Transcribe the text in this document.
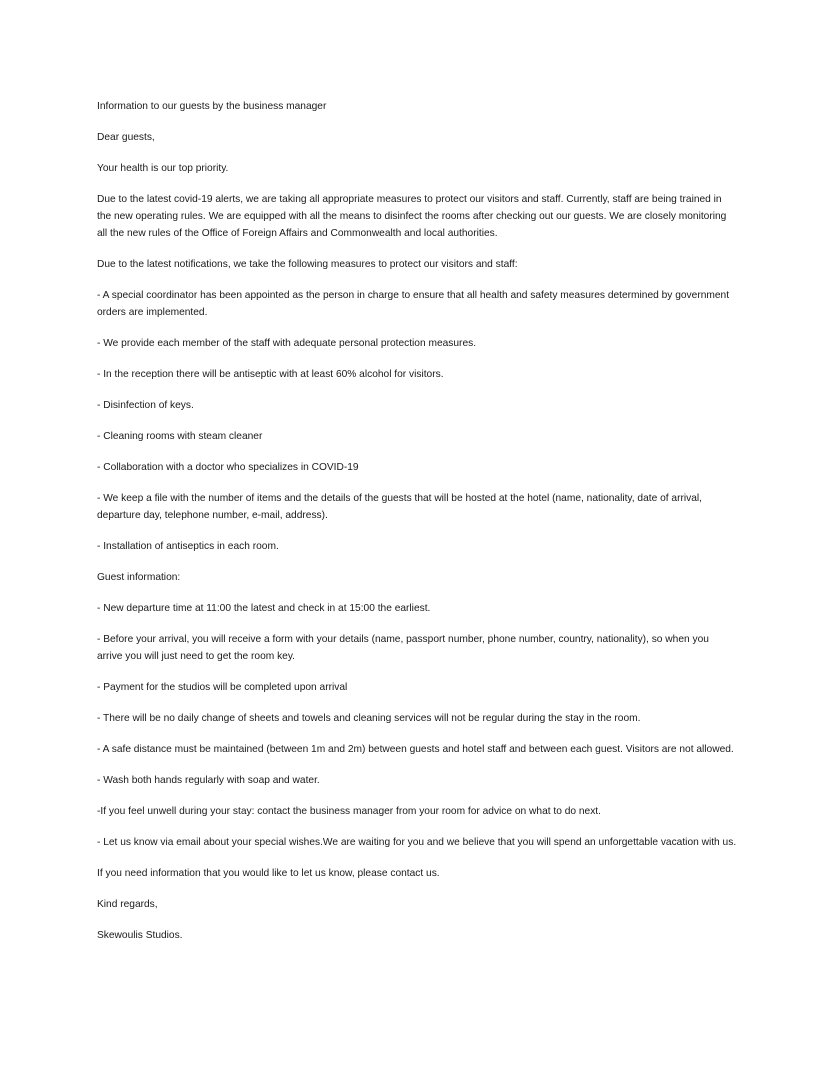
Information to our guests by the business manager

Dear guests,

Your health is our top priority.

Due to the latest covid-19 alerts, we are taking all appropriate measures to protect our visitors and staff. Currently, staff are being trained in the new operating rules. We are equipped with all the means to disinfect the rooms after checking out our guests. We are closely monitoring all the new rules of the Office of Foreign Affairs and Commonwealth and local authorities.

Due to the latest notifications, we take the following measures to protect our visitors and staff:

- A special coordinator has been appointed as the person in charge to ensure that all health and safety measures determined by government orders are implemented.

- We provide each member of the staff with adequate personal protection measures.

- In the reception there will be antiseptic with at least 60% alcohol for visitors.

- Disinfection of keys.

- Cleaning rooms with steam cleaner

- Collaboration with a doctor who specializes in COVID-19

- We keep a file with the number of items and the details of the guests that will be hosted at the hotel (name, nationality, date of arrival, departure day, telephone number, e-mail, address).

- Installation of antiseptics in each room.

Guest information:

- New departure time at 11:00 the latest and check in at 15:00 the earliest.

- Before your arrival, you will receive a form with your details (name, passport number, phone number, country, nationality), so when you arrive you will just need to get the room key.

- Payment for the studios will be completed upon arrival

- There will be no daily change of sheets and towels and cleaning services will not be regular during the stay in the room.

- A safe distance must be maintained (between 1m and 2m) between guests and hotel staff and between each guest. Visitors are not allowed.

- Wash both hands regularly with soap and water.

-If you feel unwell during your stay: contact the business manager from your room for advice on what to do next.

- Let us know via email about your special wishes.We are waiting for you and we believe that you will spend an unforgettable vacation with us.

If you need information that you would like to let us know, please contact us.

Kind regards,

Skewoulis Studios.
